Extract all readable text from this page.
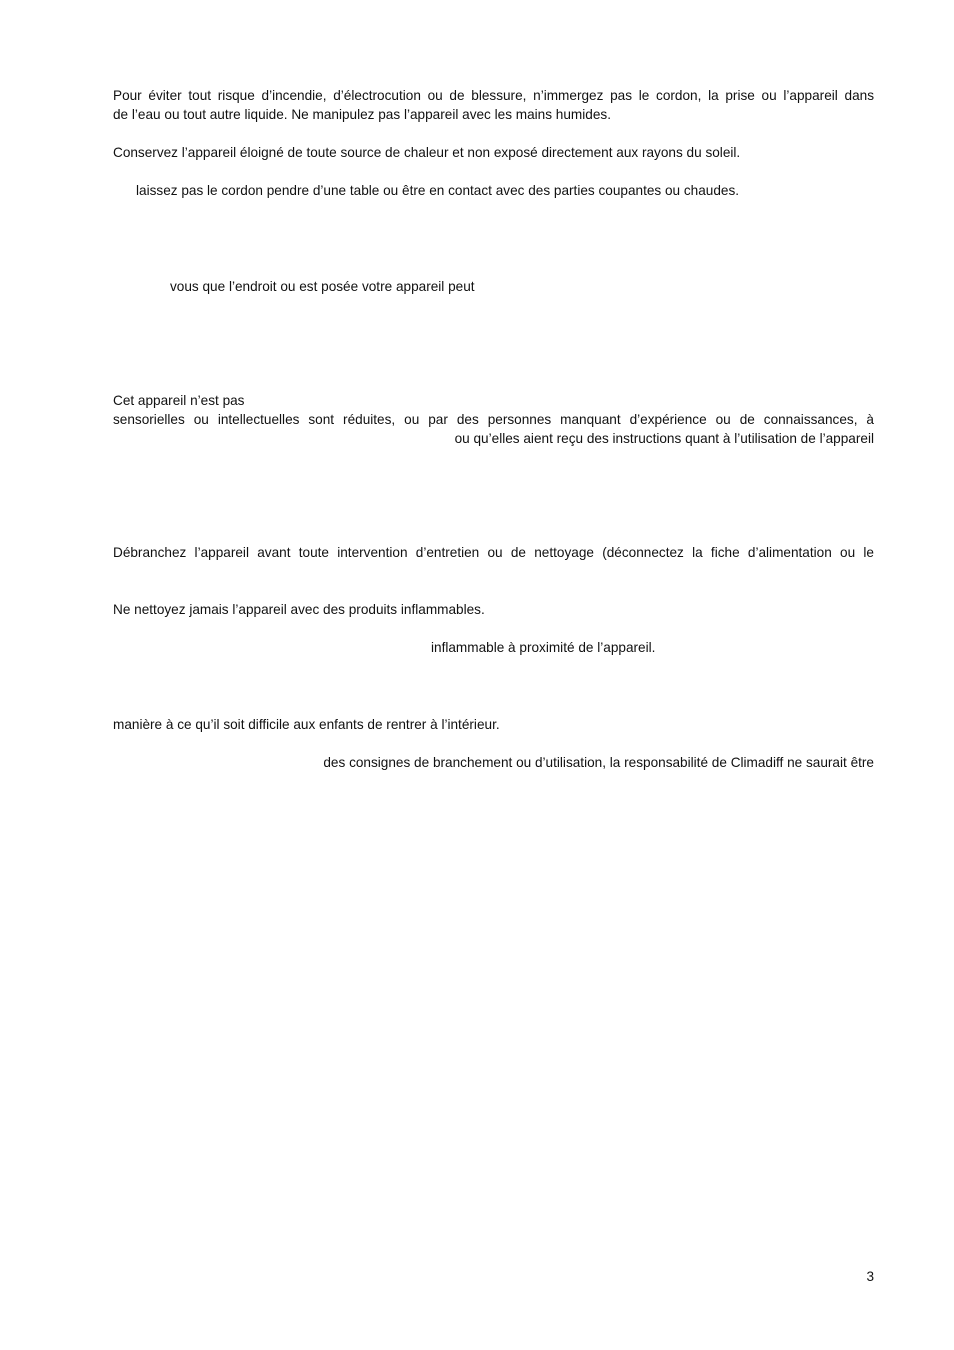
Pour éviter tout risque d’incendie, d’électrocution ou de blessure, n’immergez pas le cordon, la prise ou l’appareil dans
de l’eau ou tout autre liquide. Ne manipulez pas l’appareil avec les mains humides.
Conservez l’appareil éloigné de toute source de chaleur et non exposé directement aux rayons du soleil.
laissez pas le cordon pendre d’une table ou être en contact avec des parties coupantes ou chaudes.
vous que l’endroit ou est posée votre appareil peut
Cet appareil n’est pas
sensorielles ou intellectuelles sont réduites, ou par des personnes manquant d’expérience ou de connaissances, à
ou qu’elles aient reçu des instructions quant à l’utilisation de l’appareil
Débranchez l’appareil avant toute intervention d’entretien ou de nettoyage (déconnectez la fiche d’alimentation ou le
Ne nettoyez jamais l’appareil avec des produits inflammables.
inflammable à proximité de l’appareil.
manière à ce qu’il soit difficile aux enfants de rentrer à l’intérieur.
des consignes de branchement ou d’utilisation, la responsabilité de Climadiff ne saurait être
3
